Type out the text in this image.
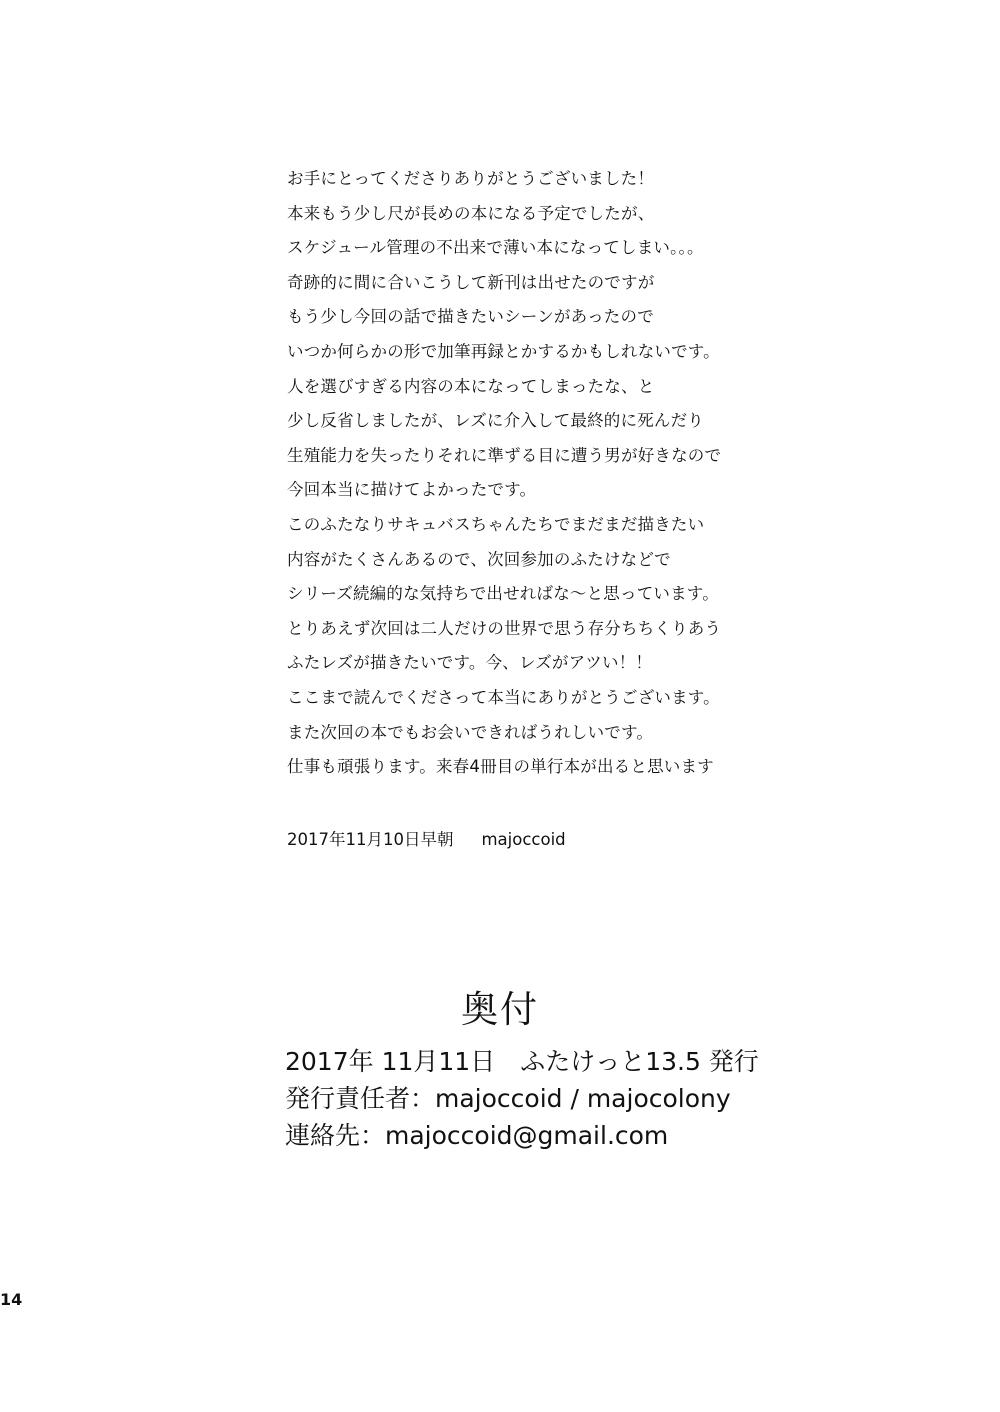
お手にとってくださりありがとうございました！
本来もう少し尺が長めの本になる予定でしたが、
スケジュール管理の不出来で薄い本になってしまい。。。
奇跡的に間に合いこうして新刊は出せたのですが
もう少し今回の話で描きたいシーンがあったので
いつか何らかの形で加筆再録とかするかもしれないです。
人を選びすぎる内容の本になってしまったな、と
少し反省しましたが、レズに介入して最終的に死んだり
生殖能力を失ったりそれに準ずる目に遭う男が好きなので
今回本当に描けてよかったです。
このふたなりサキュバスちゃんたちでまだまだ描きたい
内容がたくさんあるので、次回参加のふたけなどで
シリーズ続編的な気持ちで出せればな～と思っています。
とりあえず次回は二人だけの世界で思う存分ちちくりあう
ふたレズが描きたいです。今、レズがアツい！！
ここまで読んでくださって本当にありがとうございます。
また次回の本でもお会いできればうれしいです。
仕事も頑張ります。来春4冊目の単行本が出ると思います
2017年11月10日早朝 majoccoid
奥付
2017年 11月11日　ふたけっと13.5 発行
発行責任者：majoccoid / majocolony
連絡先：majoccoid@gmail.com
14
